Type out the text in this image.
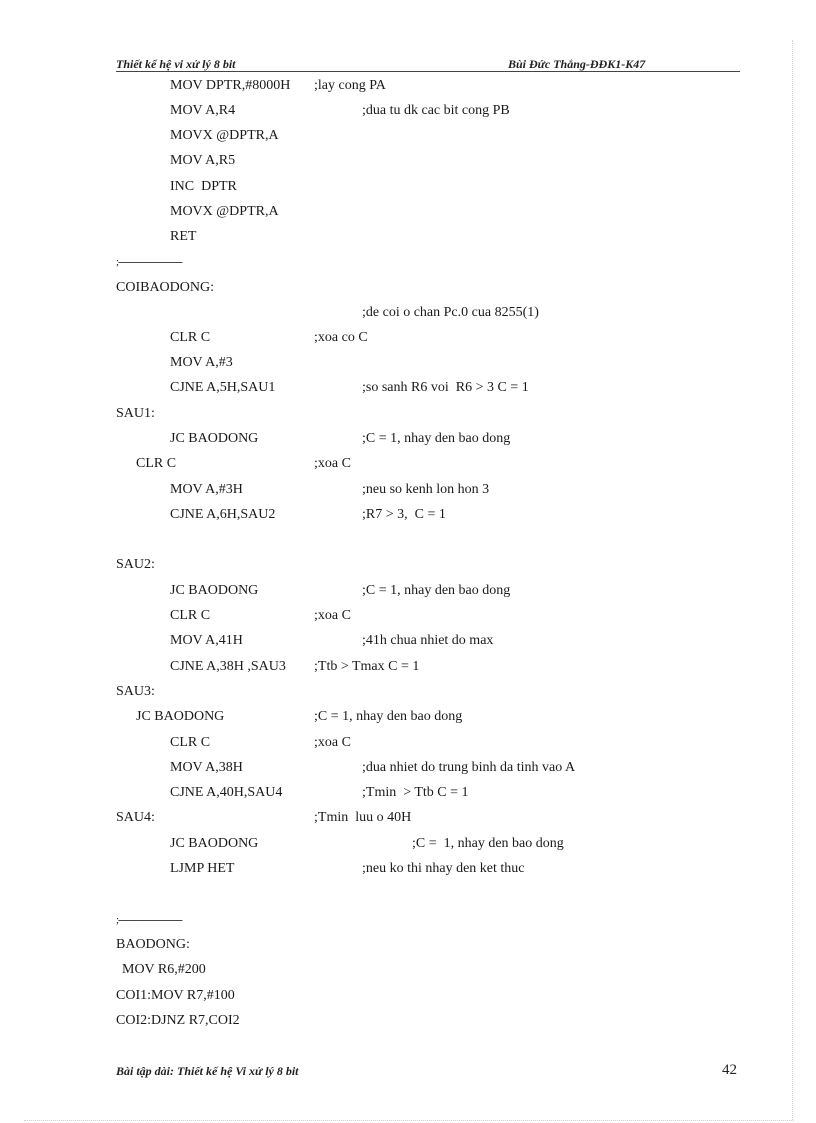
Thiết kế hệ vi xử lý 8 bit	Bùi Đức Thắng-ĐĐK1-K47
MOV DPTR,#8000H ;lay cong PA
MOV A,R4	;dua tu dk cac bit cong PB
MOVX @DPTR,A
MOV A,R5
INC  DPTR
MOVX @DPTR,A
RET
;------------------------
COIBAODONG:
;de coi o chan Pc.0 cua 8255(1)
CLR C	;xoa co C
MOV A,#3
CJNE A,5H,SAU1	;so sanh R6 voi  R6 > 3 C = 1
SAU1:
JC BAODONG	;C = 1, nhay den bao dong
CLR C	;xoa C
MOV A,#3H	;neu so kenh lon hon 3
CJNE A,6H,SAU2	;R7 > 3,  C = 1
SAU2:
JC BAODONG	;C = 1, nhay den bao dong
CLR C	;xoa C
MOV A,41H	;41h chua nhiet do max
CJNE A,38H ,SAU3 ;Ttb > Tmax C = 1
SAU3:
JC BAODONG	;C = 1, nhay den bao dong
CLR C	;xoa C
MOV A,38H	;dua nhiet do trung binh da tinh vao A
CJNE A,40H,SAU4	;Tmin  > Ttb C = 1
SAU4:	;Tmin  luu o 40H
JC BAODONG	;C =  1, nhay den bao dong
LJMP HET	;neu ko thi nhay den ket thuc
;------------------------
BAODONG:
MOV R6,#200
COI1:MOV R7,#100
COI2:DJNZ R7,COI2
Bài tập dài: Thiết kế hệ Vi xử lý 8 bit	42
